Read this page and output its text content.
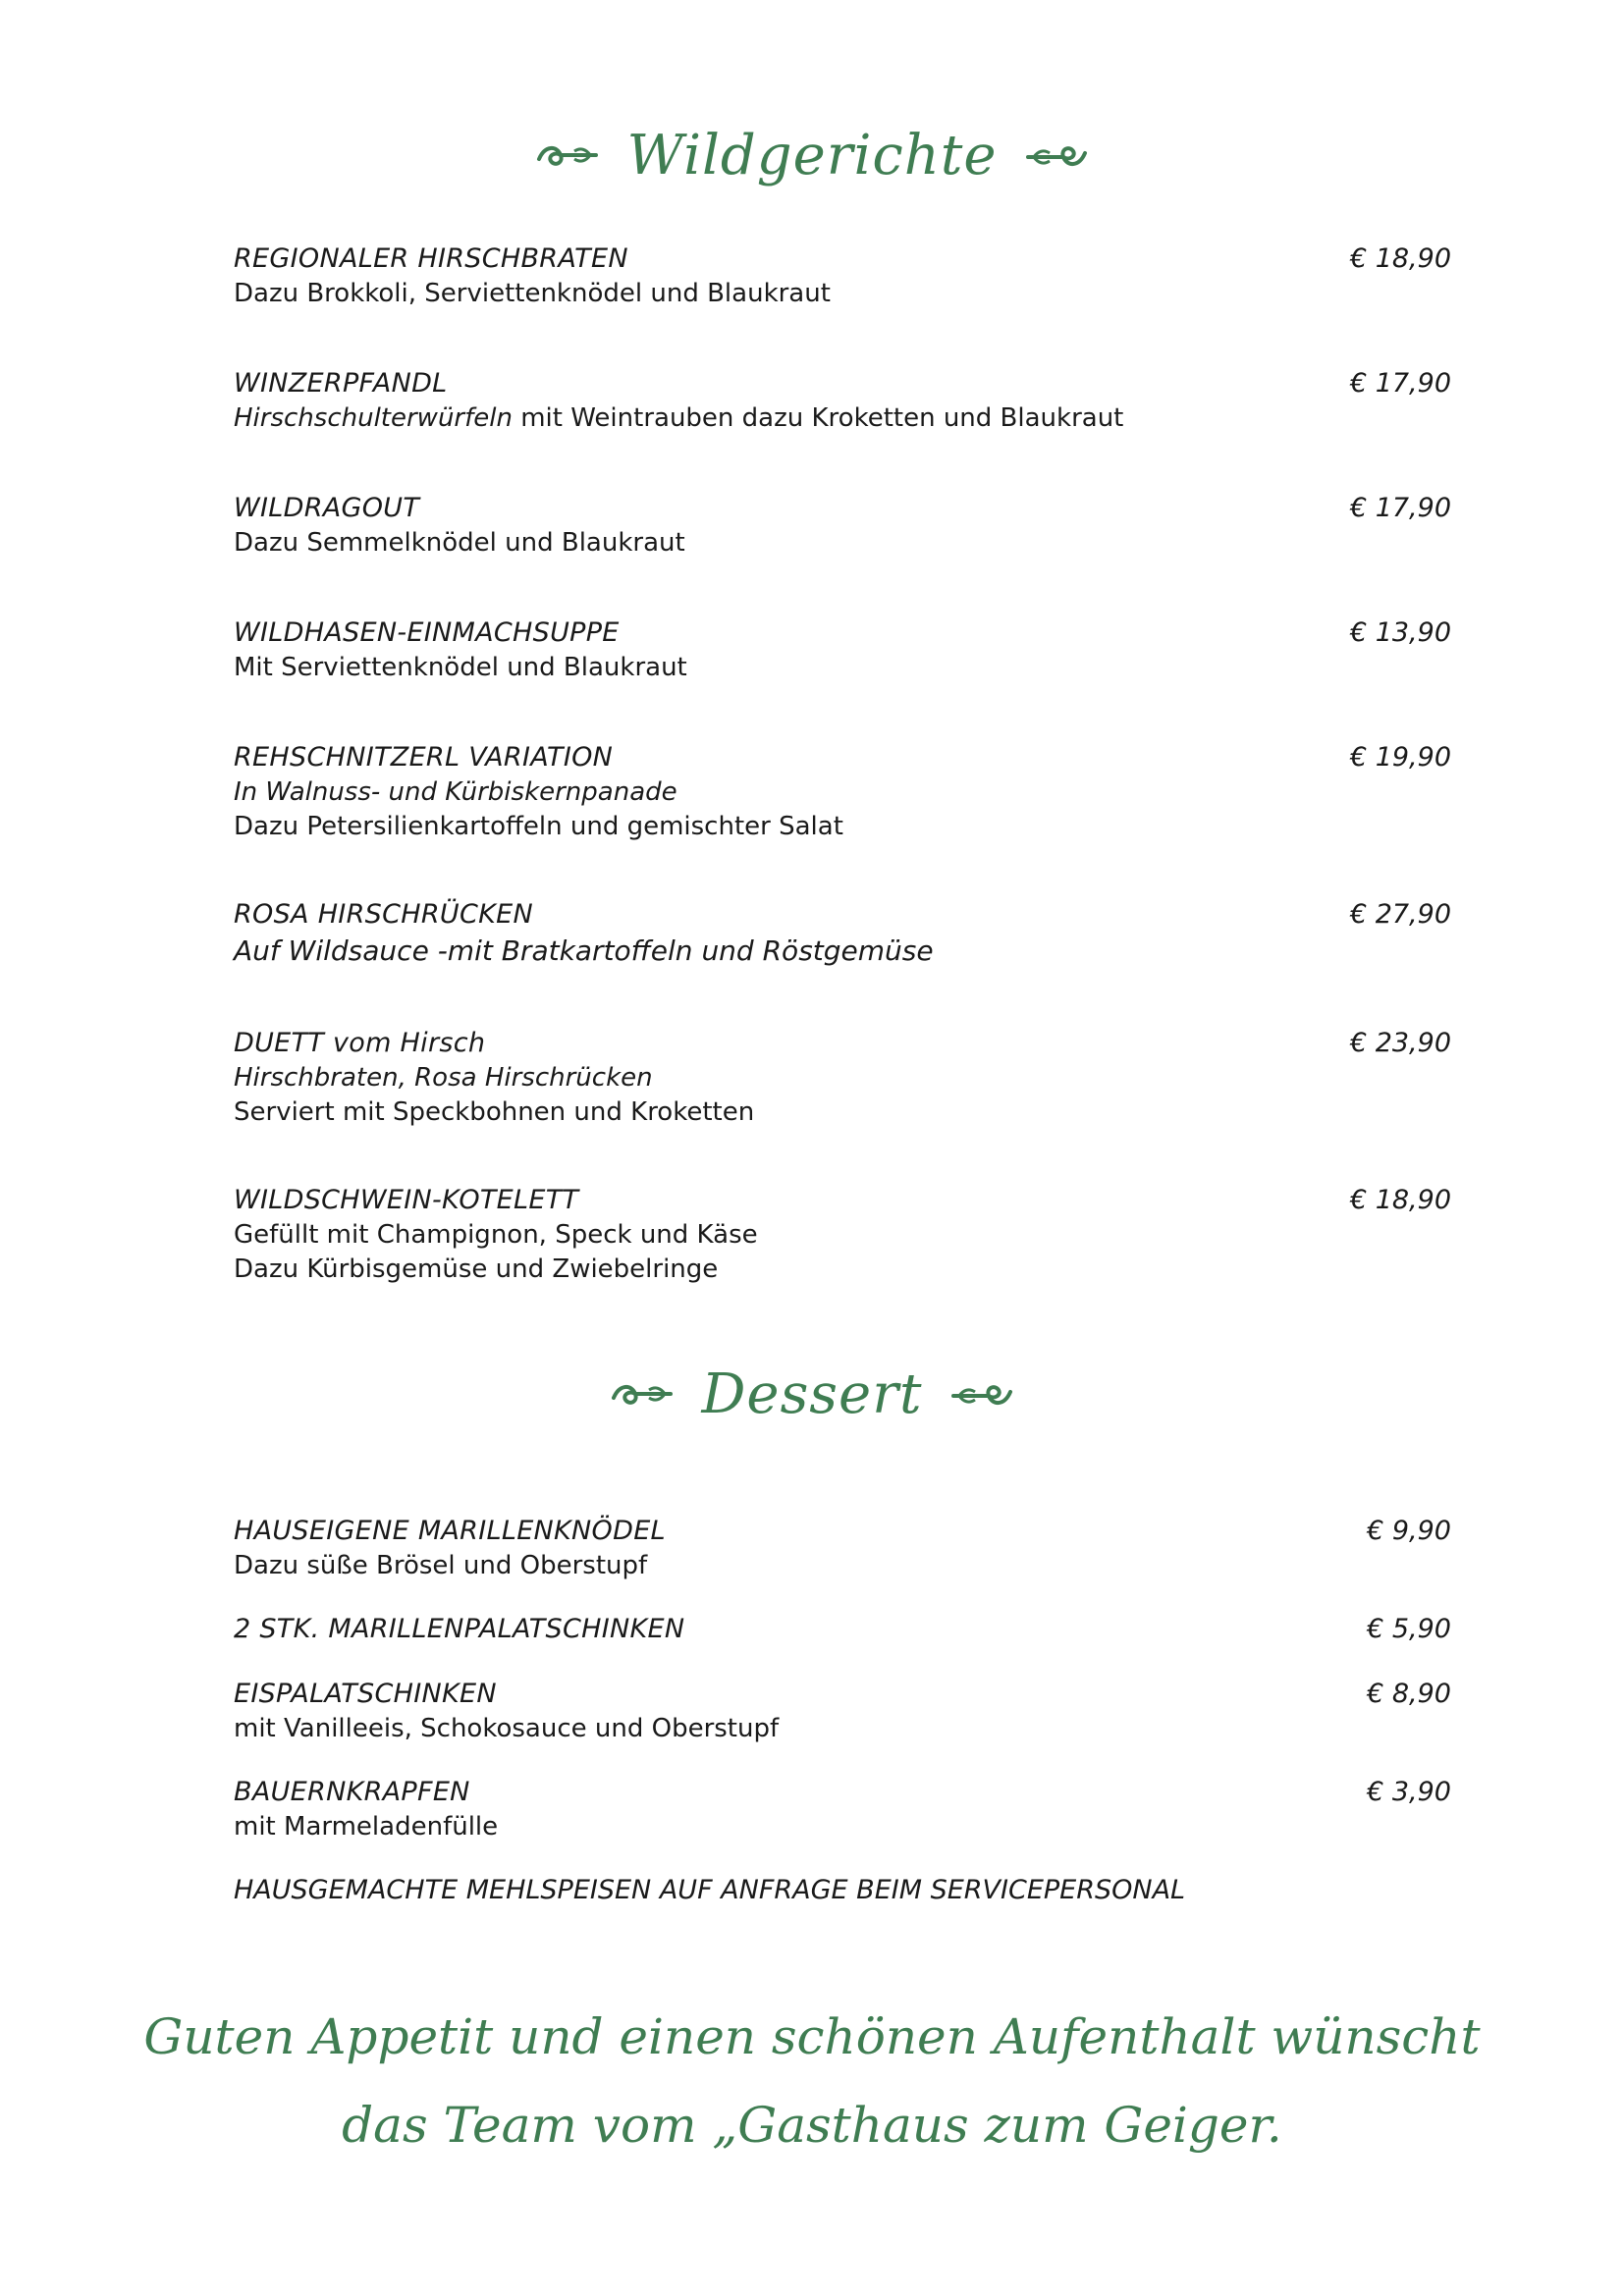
Wildgerichte
REGIONALER HIRSCHBRATEN	€ 18,90
Dazu Brokkoli, Serviettenknödel und Blaukraut
WINZERPFANDL	€ 17,90
Hirschschulterwürfeln mit Weintrauben dazu Kroketten und Blaukraut
WILDRAGOUT	€ 17,90
Dazu Semmelknödel und Blaukraut
WILDHASEN-EINMACHSUPPE	€ 13,90
Mit Serviettenknödel und Blaukraut
REHSCHNITZERL VARIATION	€ 19,90
In Walnuss- und Kürbiskernpanade
Dazu Petersilienkartoffeln und gemischter Salat
ROSA HIRSCHRÜCKEN	€ 27,90
Auf Wildsauce -mit Bratkartoffeln und Röstgemüse
DUETT vom Hirsch	€ 23,90
Hirschbraten, Rosa Hirschrücken
Serviert mit Speckbohnen und Kroketten
WILDSCHWEIN-KOTELETT	€ 18,90
Gefüllt mit Champignon, Speck und Käse
Dazu Kürbisgemüse und Zwiebelringe
Dessert
HAUSEIGENE MARILLENKNÖDEL	€ 9,90
Dazu süße Brösel und Oberstupf
2 STK. MARILLENPALATSCHINKEN	€ 5,90
EISPALATSCHINKEN	€ 8,90
mit Vanilleeis, Schokosauce und Oberstupf
BAUERNKRAPFEN	€ 3,90
mit Marmeladenfülle
HAUSGEMACHTE MEHLSPEISEN AUF ANFRAGE BEIM SERVICEPERSONAL
Guten Appetit und einen schönen Aufenthalt wünscht
das Team vom „Gasthaus zum Geiger.
